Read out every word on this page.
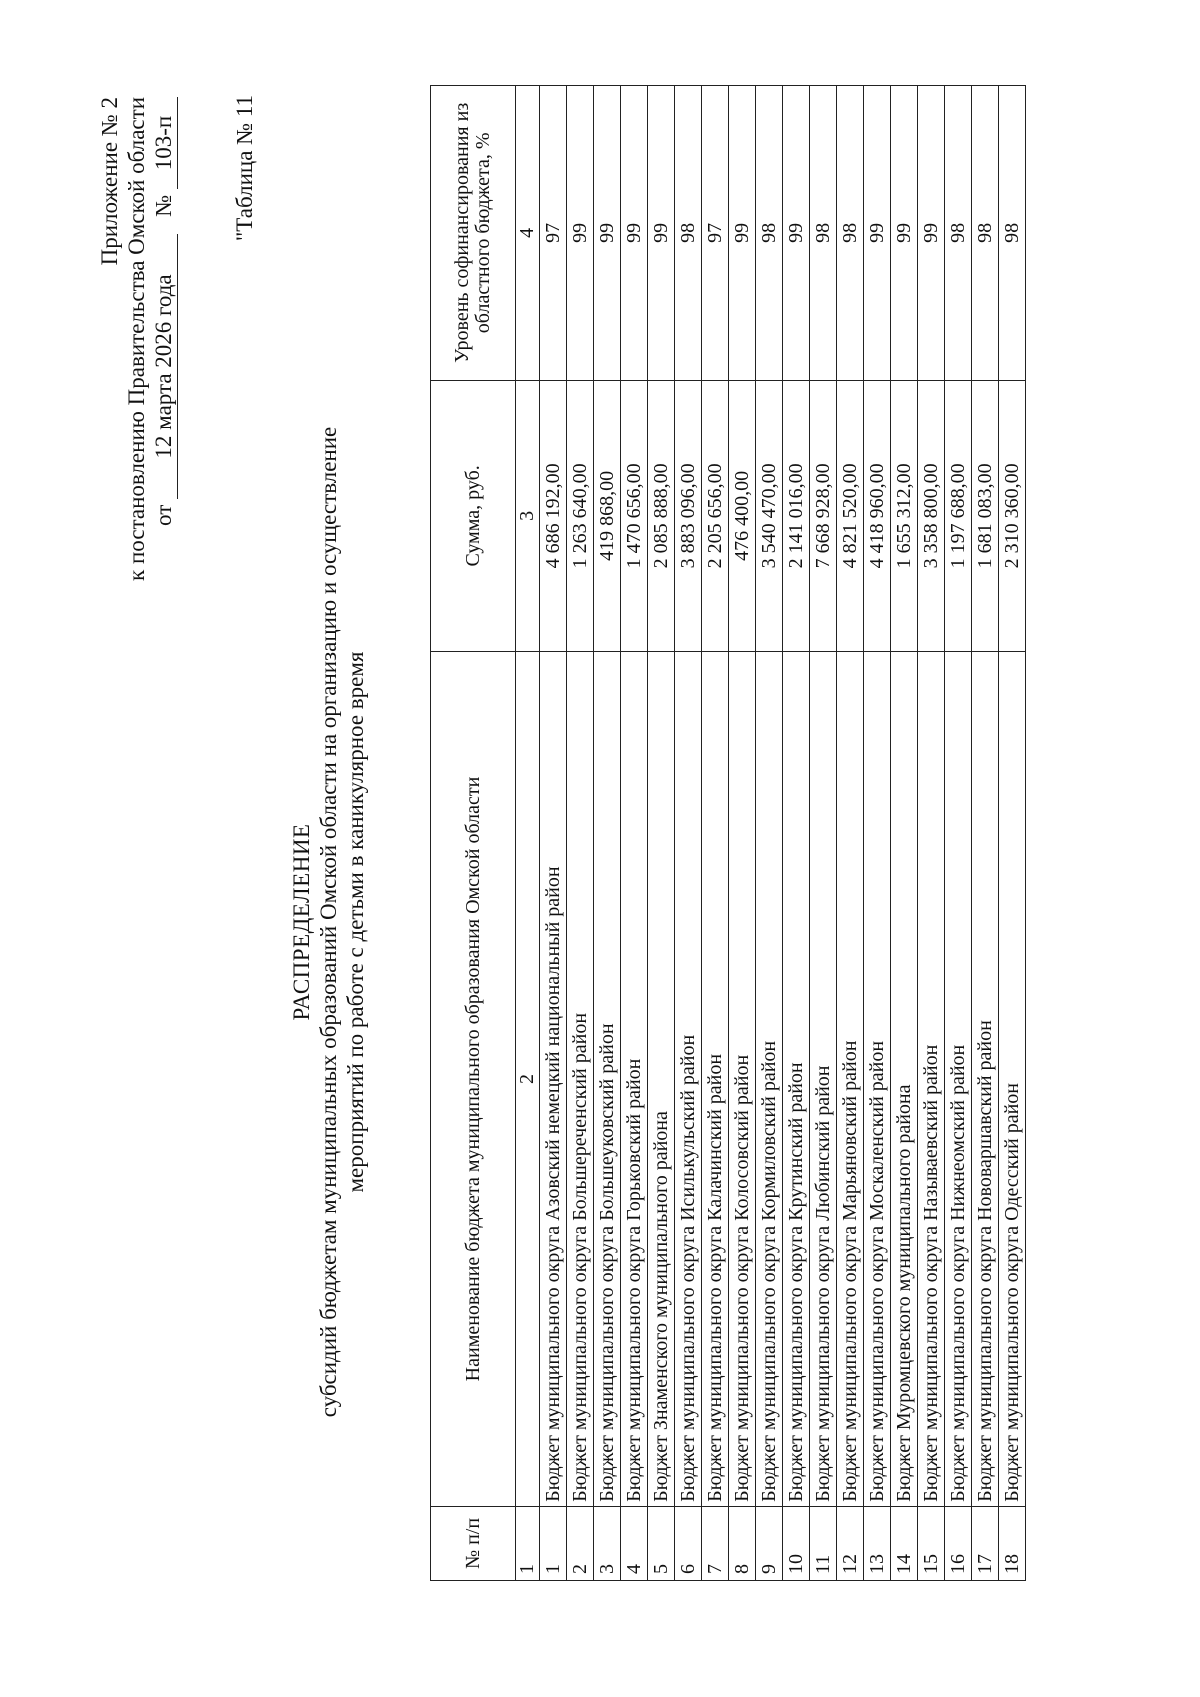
Приложение № 2 к постановлению Правительства Омской области от 12 марта 2026 года   № 103-п "Таблица № 11
РАСПРЕДЕЛЕНИЕ субсидий бюджетам муниципальных образований Омской области на организацию и осуществление мероприятий по работе с детьми в каникулярное время
№ п/п	Наименование бюджета муниципального образования Омской области	Сумма, руб.	Уровень софинансирования из областного бюджета, %
1	2	3	4
1	Бюджет муниципального округа Азовский немецкий национальный район	4 686 192,00	97
2	Бюджет муниципального округа Большереченский район	1 263 640,00	99
3	Бюджет муниципального округа Большеуковский район	419 868,00	99
4	Бюджет муниципального округа Горьковский район	1 470 656,00	99
5	Бюджет Знаменского муниципального района	2 085 888,00	99
6	Бюджет муниципального округа Исилькульский район	3 883 096,00	98
7	Бюджет муниципального округа Калачинский район	2 205 656,00	97
8	Бюджет муниципального округа Колосовский район	476 400,00	99
9	Бюджет муниципального округа Кормиловский район	3 540 470,00	98
10	Бюджет муниципального округа Крутинский район	2 141 016,00	99
11	Бюджет муниципального округа Любинский район	7 668 928,00	98
12	Бюджет муниципального округа Марьяновский район	4 821 520,00	98
13	Бюджет муниципального округа Москаленский район	4 418 960,00	99
14	Бюджет Муромцевского муниципального района	1 655 312,00	99
15	Бюджет муниципального округа Называевский район	3 358 800,00	99
16	Бюджет муниципального округа Нижнеомский район	1 197 688,00	98
17	Бюджет муниципального округа Нововаршавский район	1 681 083,00	98
18	Бюджет муниципального округа Одесский район	2 310 360,00	98
